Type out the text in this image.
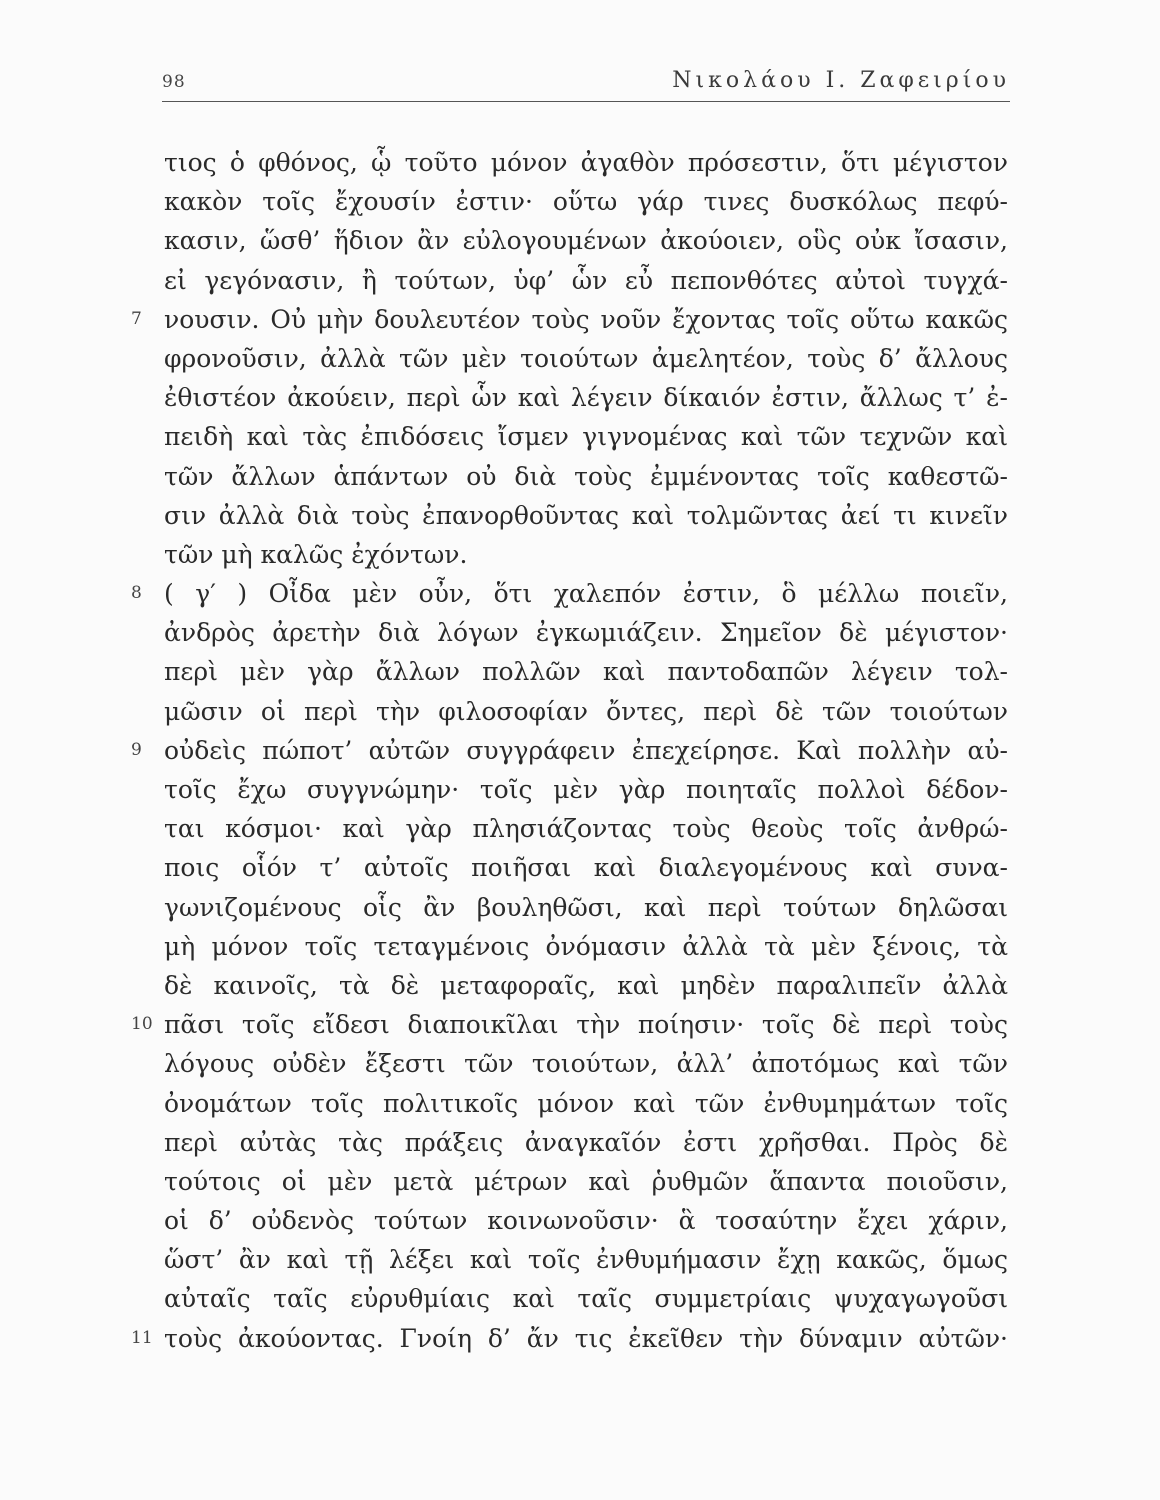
98	Νικολάου Ι. Ζαφειρίου
τιος ὁ φθόνος, ᾧ τοῦτο μόνον ἀγαθὸν πρόσεστιν, ὅτι μέγιστον
κακὸν τοῖς ἔχουσίν ἐστιν· οὕτω γάρ τινες δυσκόλως πεφύ-
κασιν, ὥσθ’ ἥδιον ἂν εὐλογουμένων ἀκούοιεν, οὓς οὐκ ἴσασιν,
εἰ γεγόνασιν, ἢ τούτων, ὑφ’ ὧν εὖ πεπονθότες αὐτοὶ τυγχά-
7 νουσιν. Οὐ μὴν δουλευτέον τοὺς νοῦν ἔχοντας τοῖς οὕτω κακῶς
φρονοῦσιν, ἀλλὰ τῶν μὲν τοιούτων ἀμελητέον, τοὺς δ’ ἄλλους
ἐθιστέον ἀκούειν, περὶ ὧν καὶ λέγειν δίκαιόν ἐστιν, ἄλλως τ’ ἐ-
πειδὴ καὶ τὰς ἐπιδόσεις ἴσμεν γιγνομένας καὶ τῶν τεχνῶν καὶ
τῶν ἄλλων ἁπάντων οὐ διὰ τοὺς ἐμμένοντας τοῖς καθεστῶ-
σιν ἀλλὰ διὰ τοὺς ἐπανορθοῦντας καὶ τολμῶντας ἀεί τι κινεῖν
τῶν μὴ καλῶς ἐχόντων.
8 ( γ′ ) Οἶδα μὲν οὖν, ὅτι χαλεπόν ἐστιν, ὃ μέλλω ποιεῖν,
ἀνδρὸς ἀρετὴν διὰ λόγων ἐγκωμιάζειν. Σημεῖον δὲ μέγιστον·
περὶ μὲν γὰρ ἄλλων πολλῶν καὶ παντοδαπῶν λέγειν τολ-
μῶσιν οἱ περὶ τὴν φιλοσοφίαν ὄντες, περὶ δὲ τῶν τοιούτων
9 οὐδεὶς πώποτ’ αὐτῶν συγγράφειν ἐπεχείρησε. Καὶ πολλὴν αὐ-
τοῖς ἔχω συγγνώμην· τοῖς μὲν γὰρ ποιηταῖς πολλοὶ δέδον-
ται κόσμοι· καὶ γὰρ πλησιάζοντας τοὺς θεοὺς τοῖς ἀνθρώ-
ποις οἷόν τ’ αὐτοῖς ποιῆσαι καὶ διαλεγομένους καὶ συνα-
γωνιζομένους οἷς ἂν βουληθῶσι, καὶ περὶ τούτων δηλῶσαι
μὴ μόνον τοῖς τεταγμένοις ὀνόμασιν ἀλλὰ τὰ μὲν ξένοις, τὰ
δὲ καινοῖς, τὰ δὲ μεταφοραῖς, καὶ μηδὲν παραλιπεῖν ἀλλὰ
10 πᾶσι τοῖς εἴδεσι διαποικῖλαι τὴν ποίησιν· τοῖς δὲ περὶ τοὺς
λόγους οὐδὲν ἔξεστι τῶν τοιούτων, ἀλλ’ ἀποτόμως καὶ τῶν
ὀνομάτων τοῖς πολιτικοῖς μόνον καὶ τῶν ἐνθυμημάτων τοῖς
περὶ αὐτὰς τὰς πράξεις ἀναγκαῖόν ἐστι χρῆσθαι. Πρὸς δὲ
τούτοις οἱ μὲν μετὰ μέτρων καὶ ῥυθμῶν ἅπαντα ποιοῦσιν,
οἱ δ’ οὐδενὸς τούτων κοινωνοῦσιν· ἃ τοσαύτην ἔχει χάριν,
ὥστ’ ἂν καὶ τῇ λέξει καὶ τοῖς ἐνθυμήμασιν ἔχῃ κακῶς, ὅμως
αὐταῖς ταῖς εὐρυθμίαις καὶ ταῖς συμμετρίαις ψυχαγωγοῦσι
11 τοὺς ἀκούοντας. Γνοίη δ’ ἄν τις ἐκεῖθεν τὴν δύναμιν αὐτῶν·
